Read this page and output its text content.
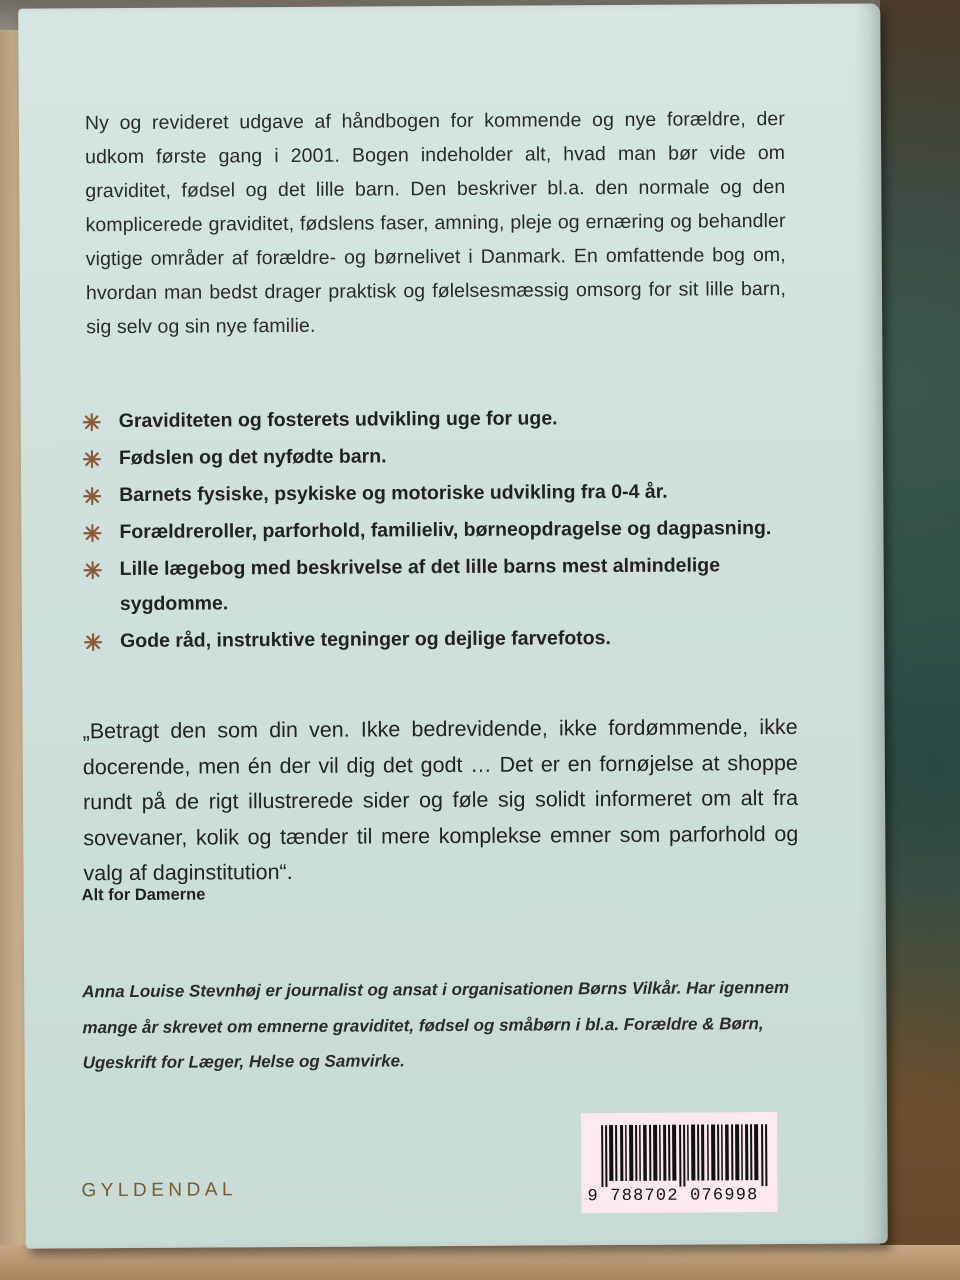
Ny og revideret udgave af håndbogen for kommende og nye forældre, der udkom første gang i 2001. Bogen indeholder alt, hvad man bør vide om graviditet, fødsel og det lille barn. Den beskriver bl.a. den normale og den komplicerede graviditet, fødslens faser, amning, pleje og ernæring og behandler vigtige områder af forældre- og børnelivet i Danmark. En omfattende bog om, hvordan man bedst drager praktisk og følelsesmæssig omsorg for sit lille barn, sig selv og sin nye familie.
Graviditeten og fosterets udvikling uge for uge.
Fødslen og det nyfødte barn.
Barnets fysiske, psykiske og motoriske udvikling fra 0-4 år.
Forældreroller, parforhold, familieliv, børneopdragelse og dagpasning.
Lille lægebog med beskrivelse af det lille barns mest almindelige sygdomme.
Gode råd, instruktive tegninger og dejlige farvefotos.
„Betragt den som din ven. Ikke bedrevidende, ikke fordømmende, ikke docerende, men én der vil dig det godt … Det er en fornøjelse at shoppe rundt på de rigt illustrerede sider og føle sig solidt informeret om alt fra sovevaner, kolik og tænder til mere komplekse emner som parforhold og valg af daginstitution“.
Alt for Damerne
Anna Louise Stevnhøj er journalist og ansat i organisationen Børns Vilkår. Har igennem mange år skrevet om emnerne graviditet, fødsel og småbørn i bl.a. Forældre & Børn, Ugeskrift for Læger, Helse og Samvirke.
GYLDENDAL	9 788702 076998
